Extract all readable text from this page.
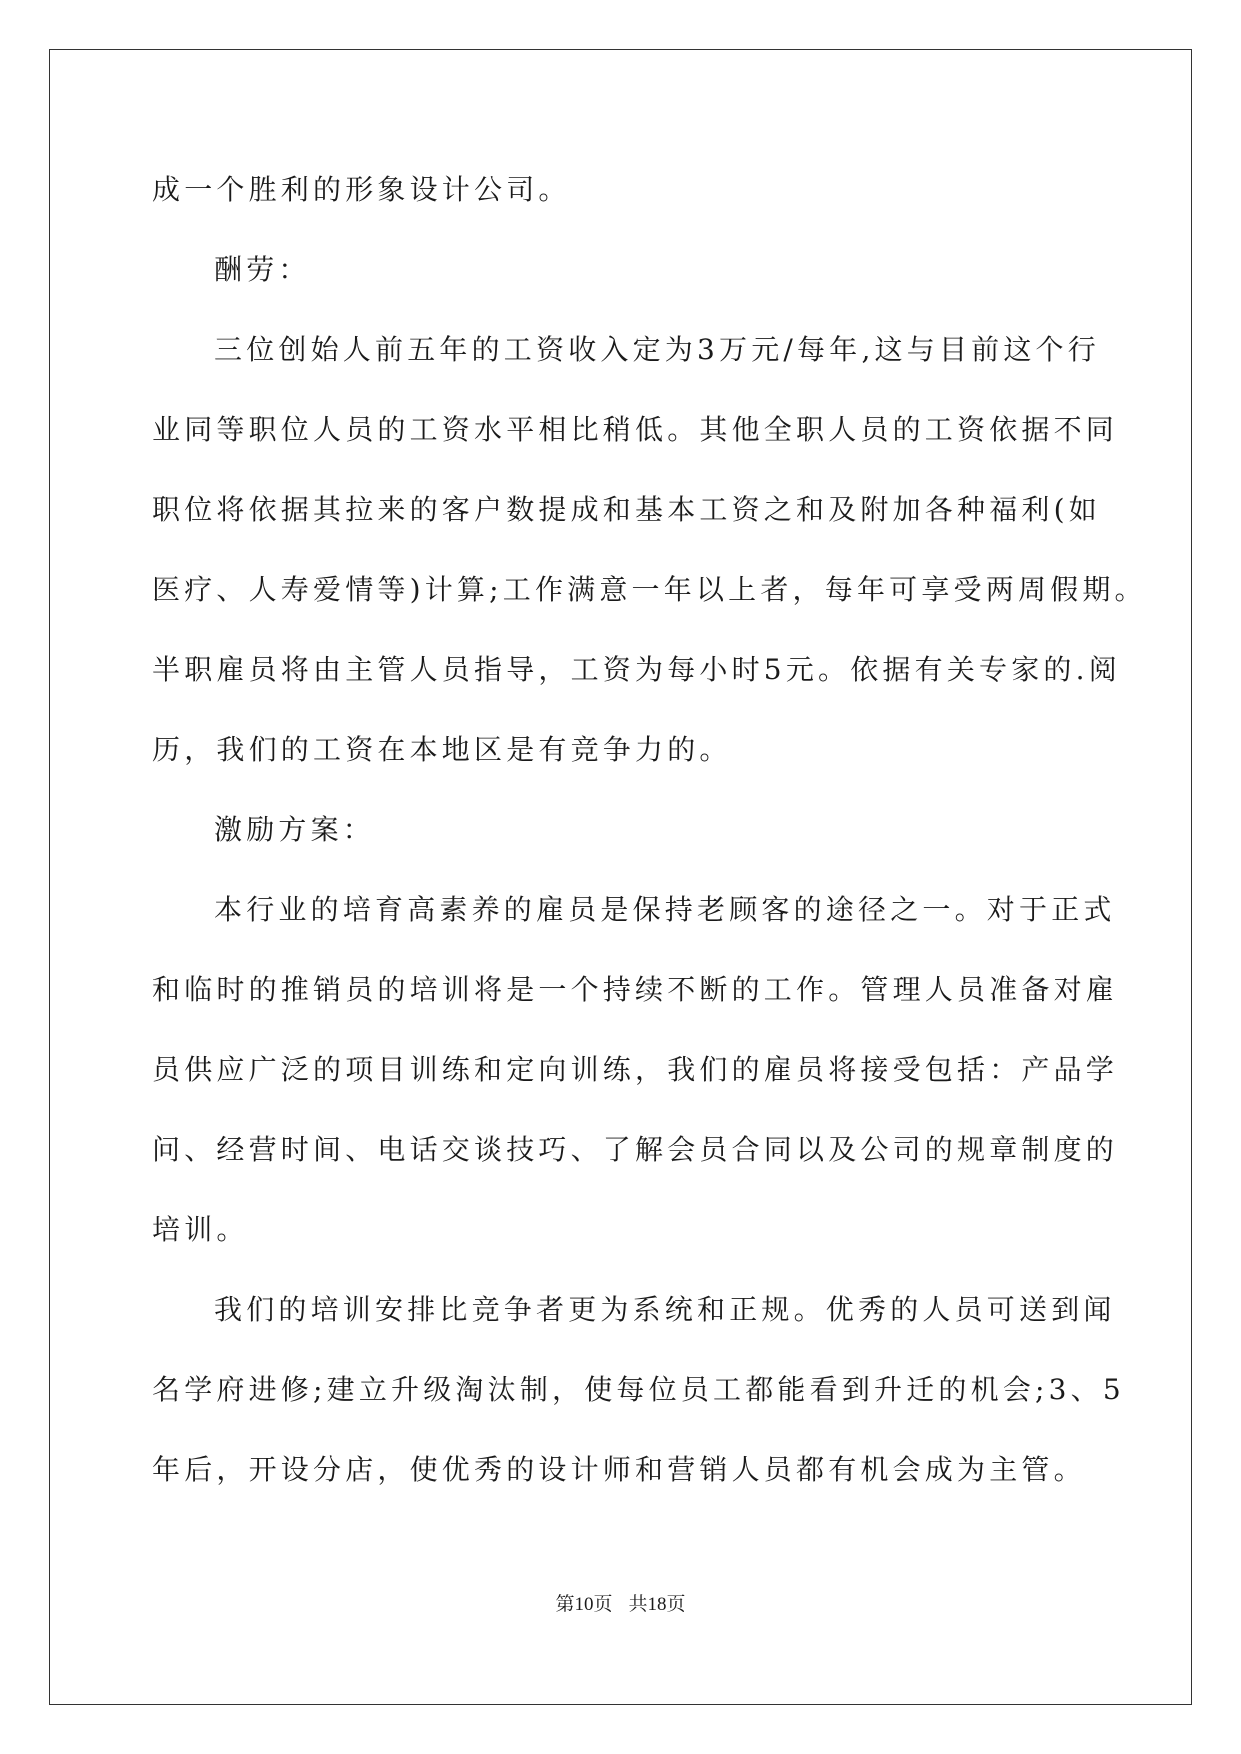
成一个胜利的形象设计公司。

酬劳：

三位创始人前五年的工资收入定为3万元/每年,这与目前这个行

业同等职位人员的工资水平相比稍低。其他全职人员的工资依据不同

职位将依据其拉来的客户数提成和基本工资之和及附加各种福利(如

医疗、人寿爱情等)计算;工作满意一年以上者，每年可享受两周假期。

半职雇员将由主管人员指导，工资为每小时5元。依据有关专家的.阅

历，我们的工资在本地区是有竞争力的。

激励方案：

本行业的培育高素养的雇员是保持老顾客的途径之一。对于正式

和临时的推销员的培训将是一个持续不断的工作。管理人员准备对雇

员供应广泛的项目训练和定向训练，我们的雇员将接受包括：产品学

问、经营时间、电话交谈技巧、了解会员合同以及公司的规章制度的

培训。

我们的培训安排比竞争者更为系统和正规。优秀的人员可送到闻

名学府进修;建立升级淘汰制，使每位员工都能看到升迁的机会;3、5

年后，开设分店，使优秀的设计师和营销人员都有机会成为主管。

第10页 共18页
